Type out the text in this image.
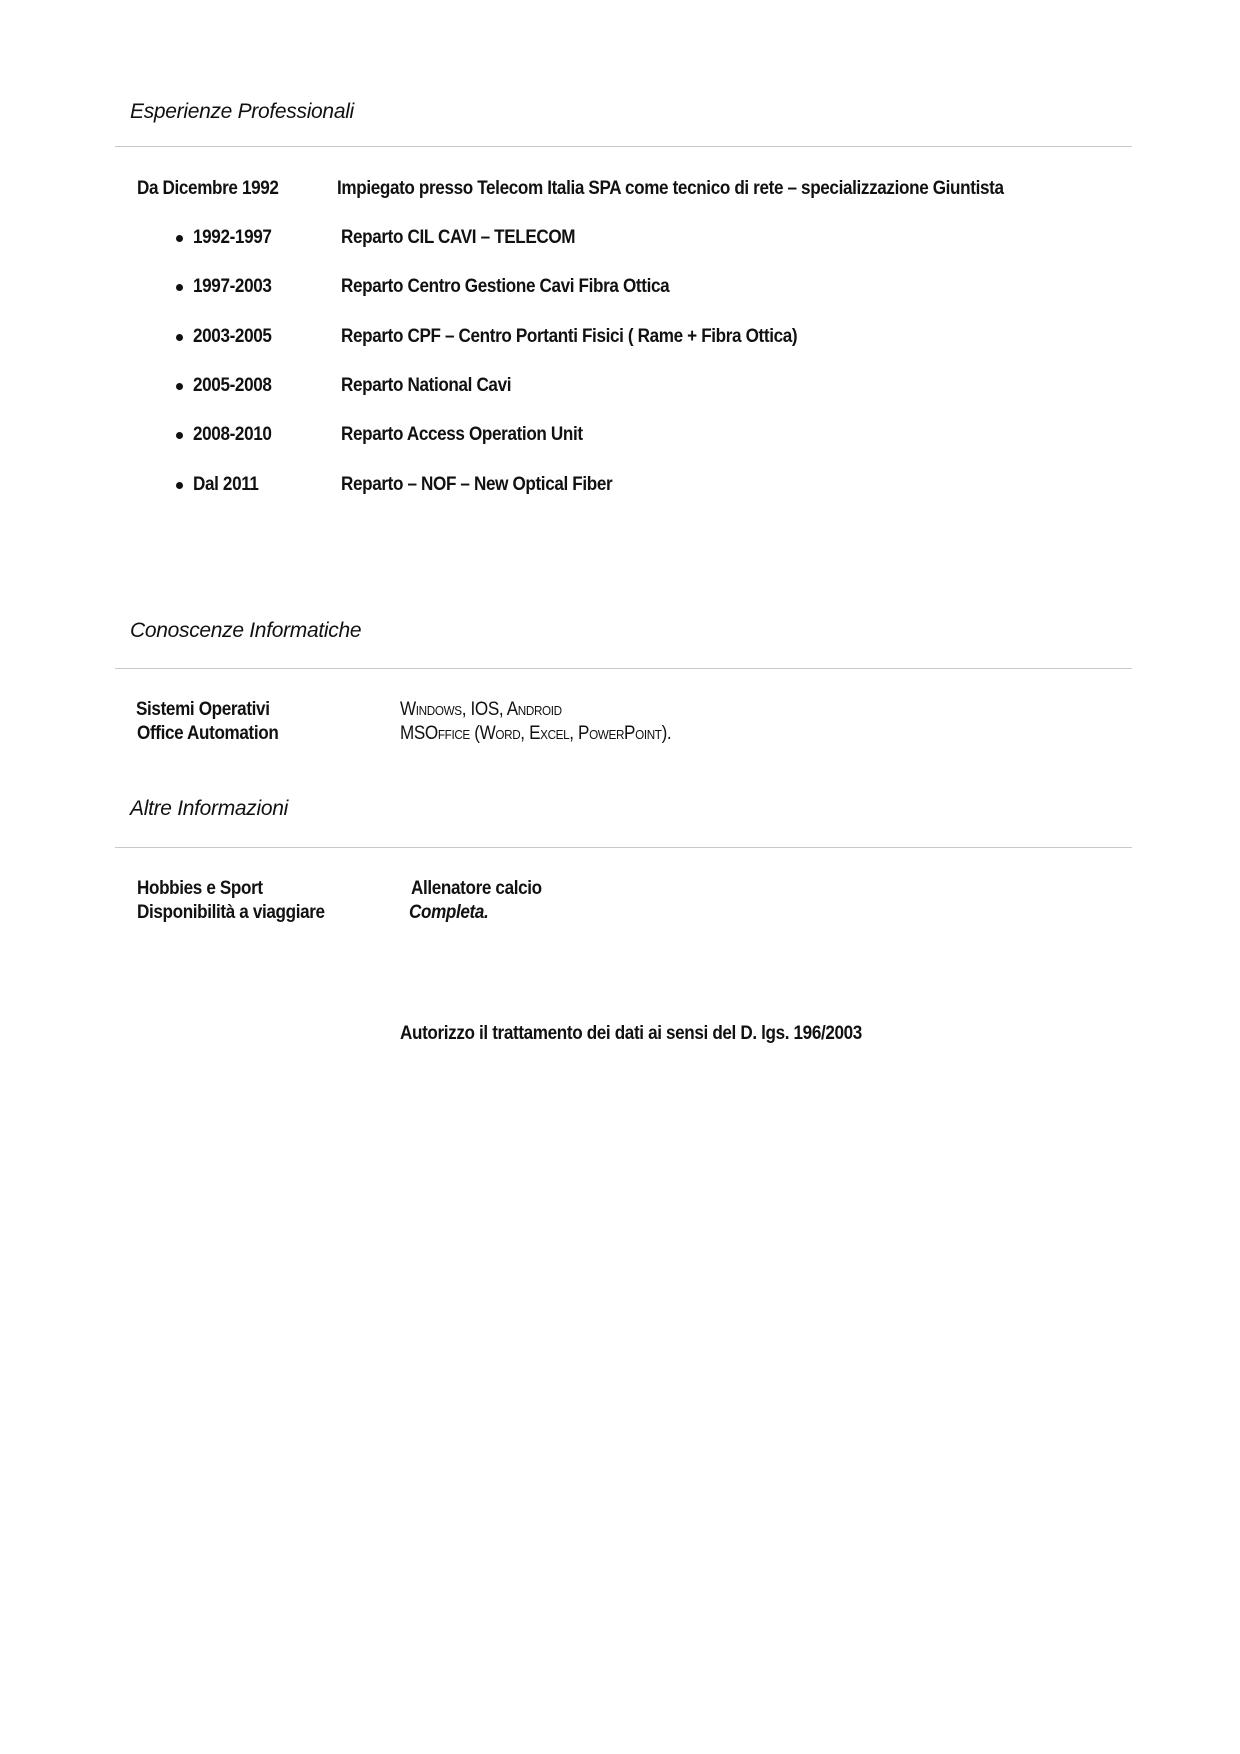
Esperienze Professionali
Da Dicembre 1992	Impiegato presso Telecom Italia SPA come tecnico di rete – specializzazione Giuntista
1992-1997	Reparto CIL CAVI – TELECOM
1997-2003	Reparto Centro Gestione Cavi Fibra Ottica
2003-2005	Reparto CPF – Centro Portanti Fisici ( Rame + Fibra Ottica)
2005-2008	Reparto National Cavi
2008-2010	Reparto Access Operation Unit
Dal 2011	Reparto – NOF – New Optical Fiber
Conoscenze Informatiche
Sistemi Operativi	Windows, IOS, Android
Office Automation	MSOffice (Word, Excel, PowerPoint).
Altre Informazioni
Hobbies e Sport	Allenatore calcio
Disponibilità a viaggiare	Completa.
Autorizzo il trattamento dei dati ai sensi del D. lgs. 196/2003
